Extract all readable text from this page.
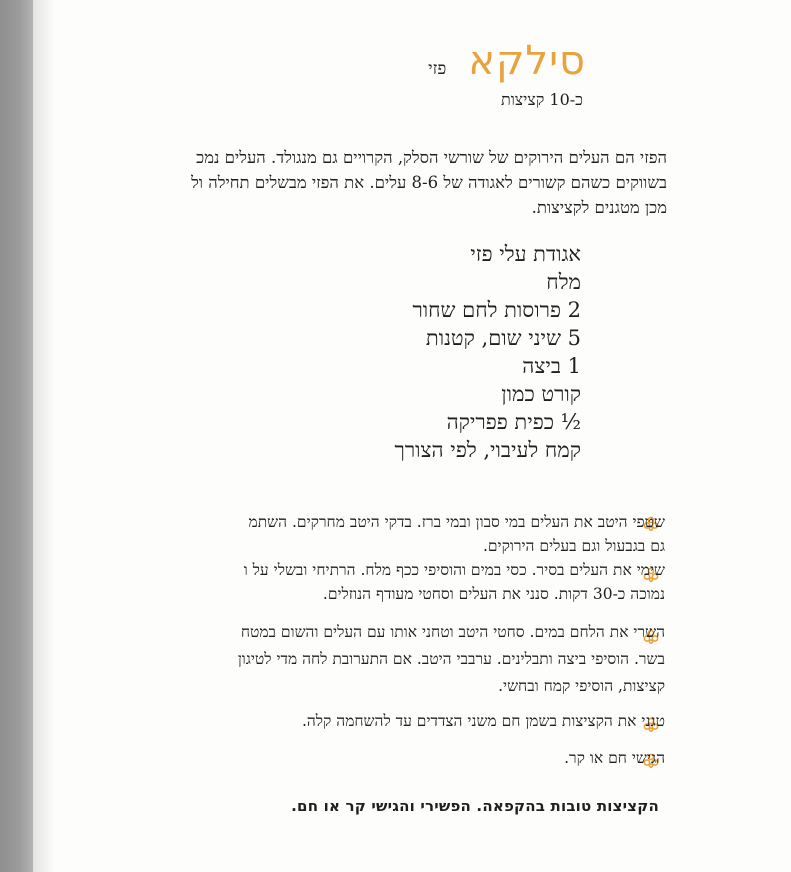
סילקא
פזי
כ-10 קציצות
הפזי הם העלים הירוקים של שורשי הסלק, הקרויים גם מנגולד. העלים נמכ
בשווקים כשהם קשורים לאגודה של 8-6 עלים. את הפזי מבשלים תחילה ול
מכן מטגנים לקציצות.
אגודת עלי פזי
מלח
2 פרוסות לחם שחור
5 שיני שום, קטנות
1 ביצה
קורט כמון
½ כפית פפריקה
קמח לעיבוי, לפי הצורך
שטפי היטב את העלים במי סבון ובמי ברז. בדקי היטב מחרקים. השתמ
גם בגבעול וגם בעלים הירוקים.
שימי את העלים בסיר. כסי במים והוסיפי ככף מלח. הרתיחי ובשלי על ו
נמוכה כ-30 דקות. סנני את העלים וסחטי מעודף הנוזלים.
השרי את הלחם במים. סחטי היטב וטחני אותו עם העלים והשום במטח
בשר. הוסיפי ביצה ותבלינים. ערבבי היטב. אם התערובת לחה מדי לטיגון
קציצות, הוסיפי קמח ובחשי.
טגני את הקציצות בשמן חם משני הצדדים עד להשחמה קלה.
הגישי חם או קר.
הקציצות טובות בהקפאה. הפשירי והגישי קר או חם.
